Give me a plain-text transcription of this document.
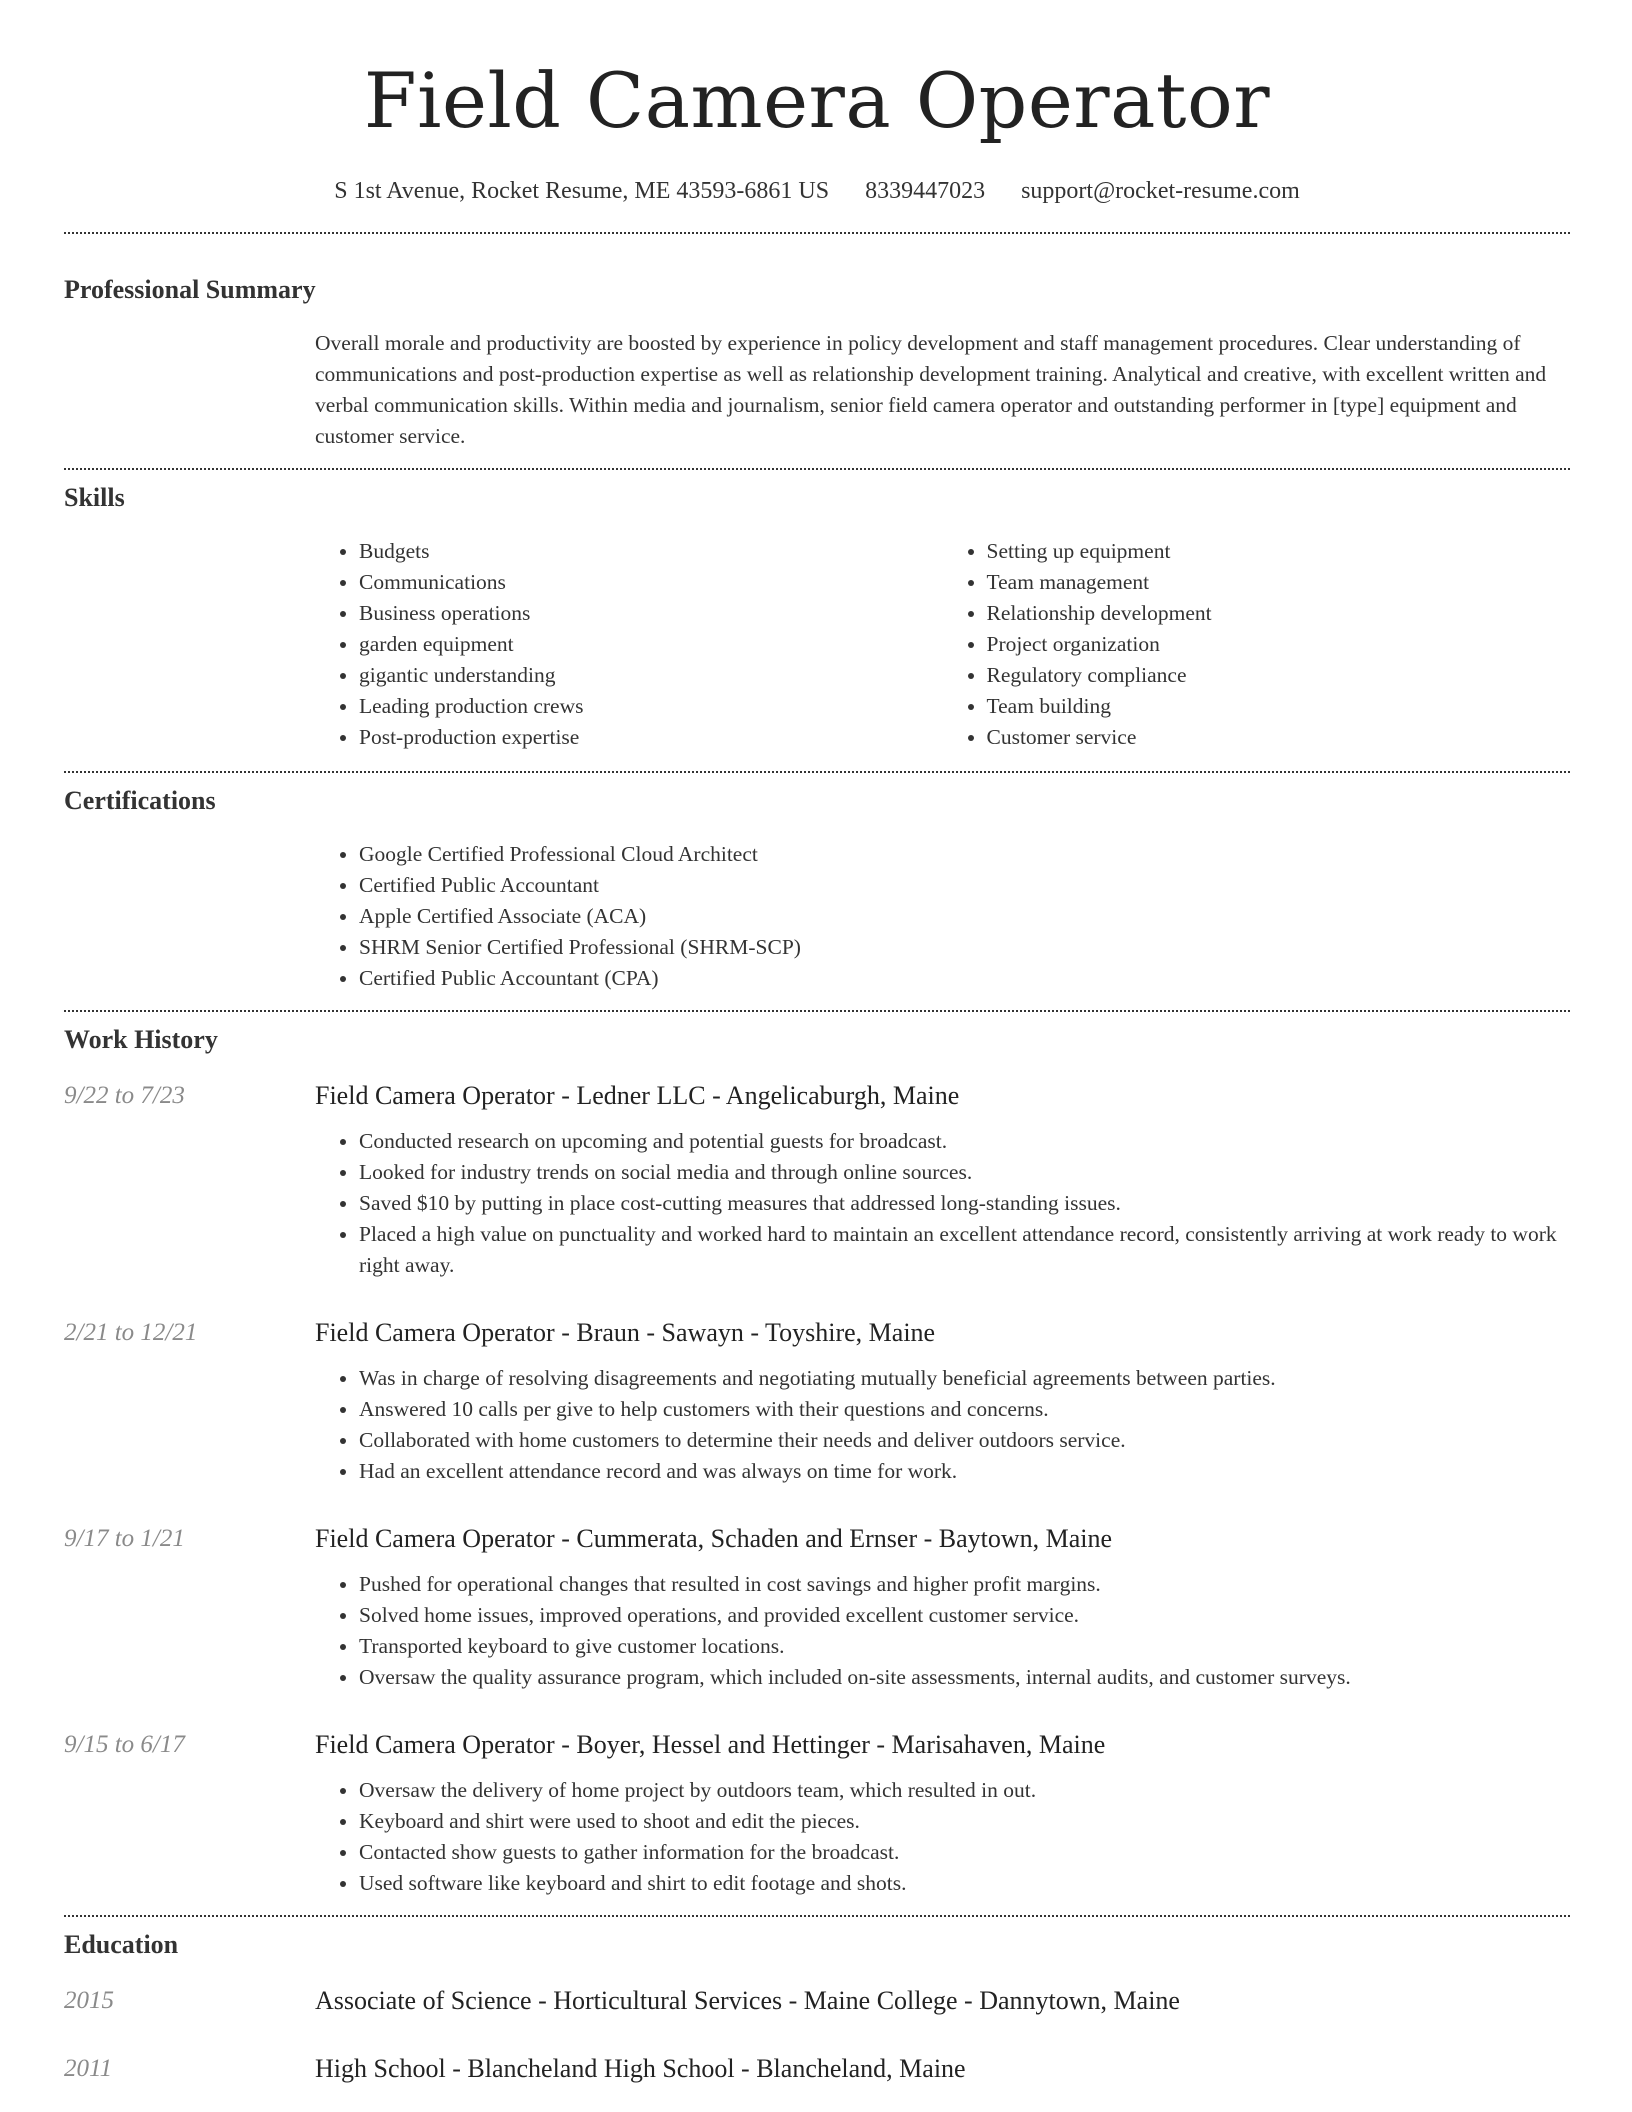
Field Camera Operator
S 1st Avenue, Rocket Resume, ME 43593-6861 US 8339447023 support@rocket-resume.com
Professional Summary
Overall morale and productivity are boosted by experience in policy development and staff management procedures. Clear understanding of communications and post-production expertise as well as relationship development training. Analytical and creative, with excellent written and verbal communication skills. Within media and journalism, senior field camera operator and outstanding performer in [type] equipment and customer service.
Skills
• Budgets
• Communications
• Business operations
• garden equipment
• gigantic understanding
• Leading production crews
• Post-production expertise
• Setting up equipment
• Team management
• Relationship development
• Project organization
• Regulatory compliance
• Team building
• Customer service
Certifications
• Google Certified Professional Cloud Architect
• Certified Public Accountant
• Apple Certified Associate (ACA)
• SHRM Senior Certified Professional (SHRM-SCP)
• Certified Public Accountant (CPA)
Work History
9/22 to 7/23	Field Camera Operator - Ledner LLC - Angelicaburgh, Maine
• Conducted research on upcoming and potential guests for broadcast.
• Looked for industry trends on social media and through online sources.
• Saved $10 by putting in place cost-cutting measures that addressed long-standing issues.
• Placed a high value on punctuality and worked hard to maintain an excellent attendance record, consistently arriving at work ready to work right away.
2/21 to 12/21	Field Camera Operator - Braun - Sawayn - Toyshire, Maine
• Was in charge of resolving disagreements and negotiating mutually beneficial agreements between parties.
• Answered 10 calls per give to help customers with their questions and concerns.
• Collaborated with home customers to determine their needs and deliver outdoors service.
• Had an excellent attendance record and was always on time for work.
9/17 to 1/21	Field Camera Operator - Cummerata, Schaden and Ernser - Baytown, Maine
• Pushed for operational changes that resulted in cost savings and higher profit margins.
• Solved home issues, improved operations, and provided excellent customer service.
• Transported keyboard to give customer locations.
• Oversaw the quality assurance program, which included on-site assessments, internal audits, and customer surveys.
9/15 to 6/17	Field Camera Operator - Boyer, Hessel and Hettinger - Marisahaven, Maine
• Oversaw the delivery of home project by outdoors team, which resulted in out.
• Keyboard and shirt were used to shoot and edit the pieces.
• Contacted show guests to gather information for the broadcast.
• Used software like keyboard and shirt to edit footage and shots.
Education
2015	Associate of Science - Horticultural Services - Maine College - Dannytown, Maine
2011	High School - Blancheland High School - Blancheland, Maine
